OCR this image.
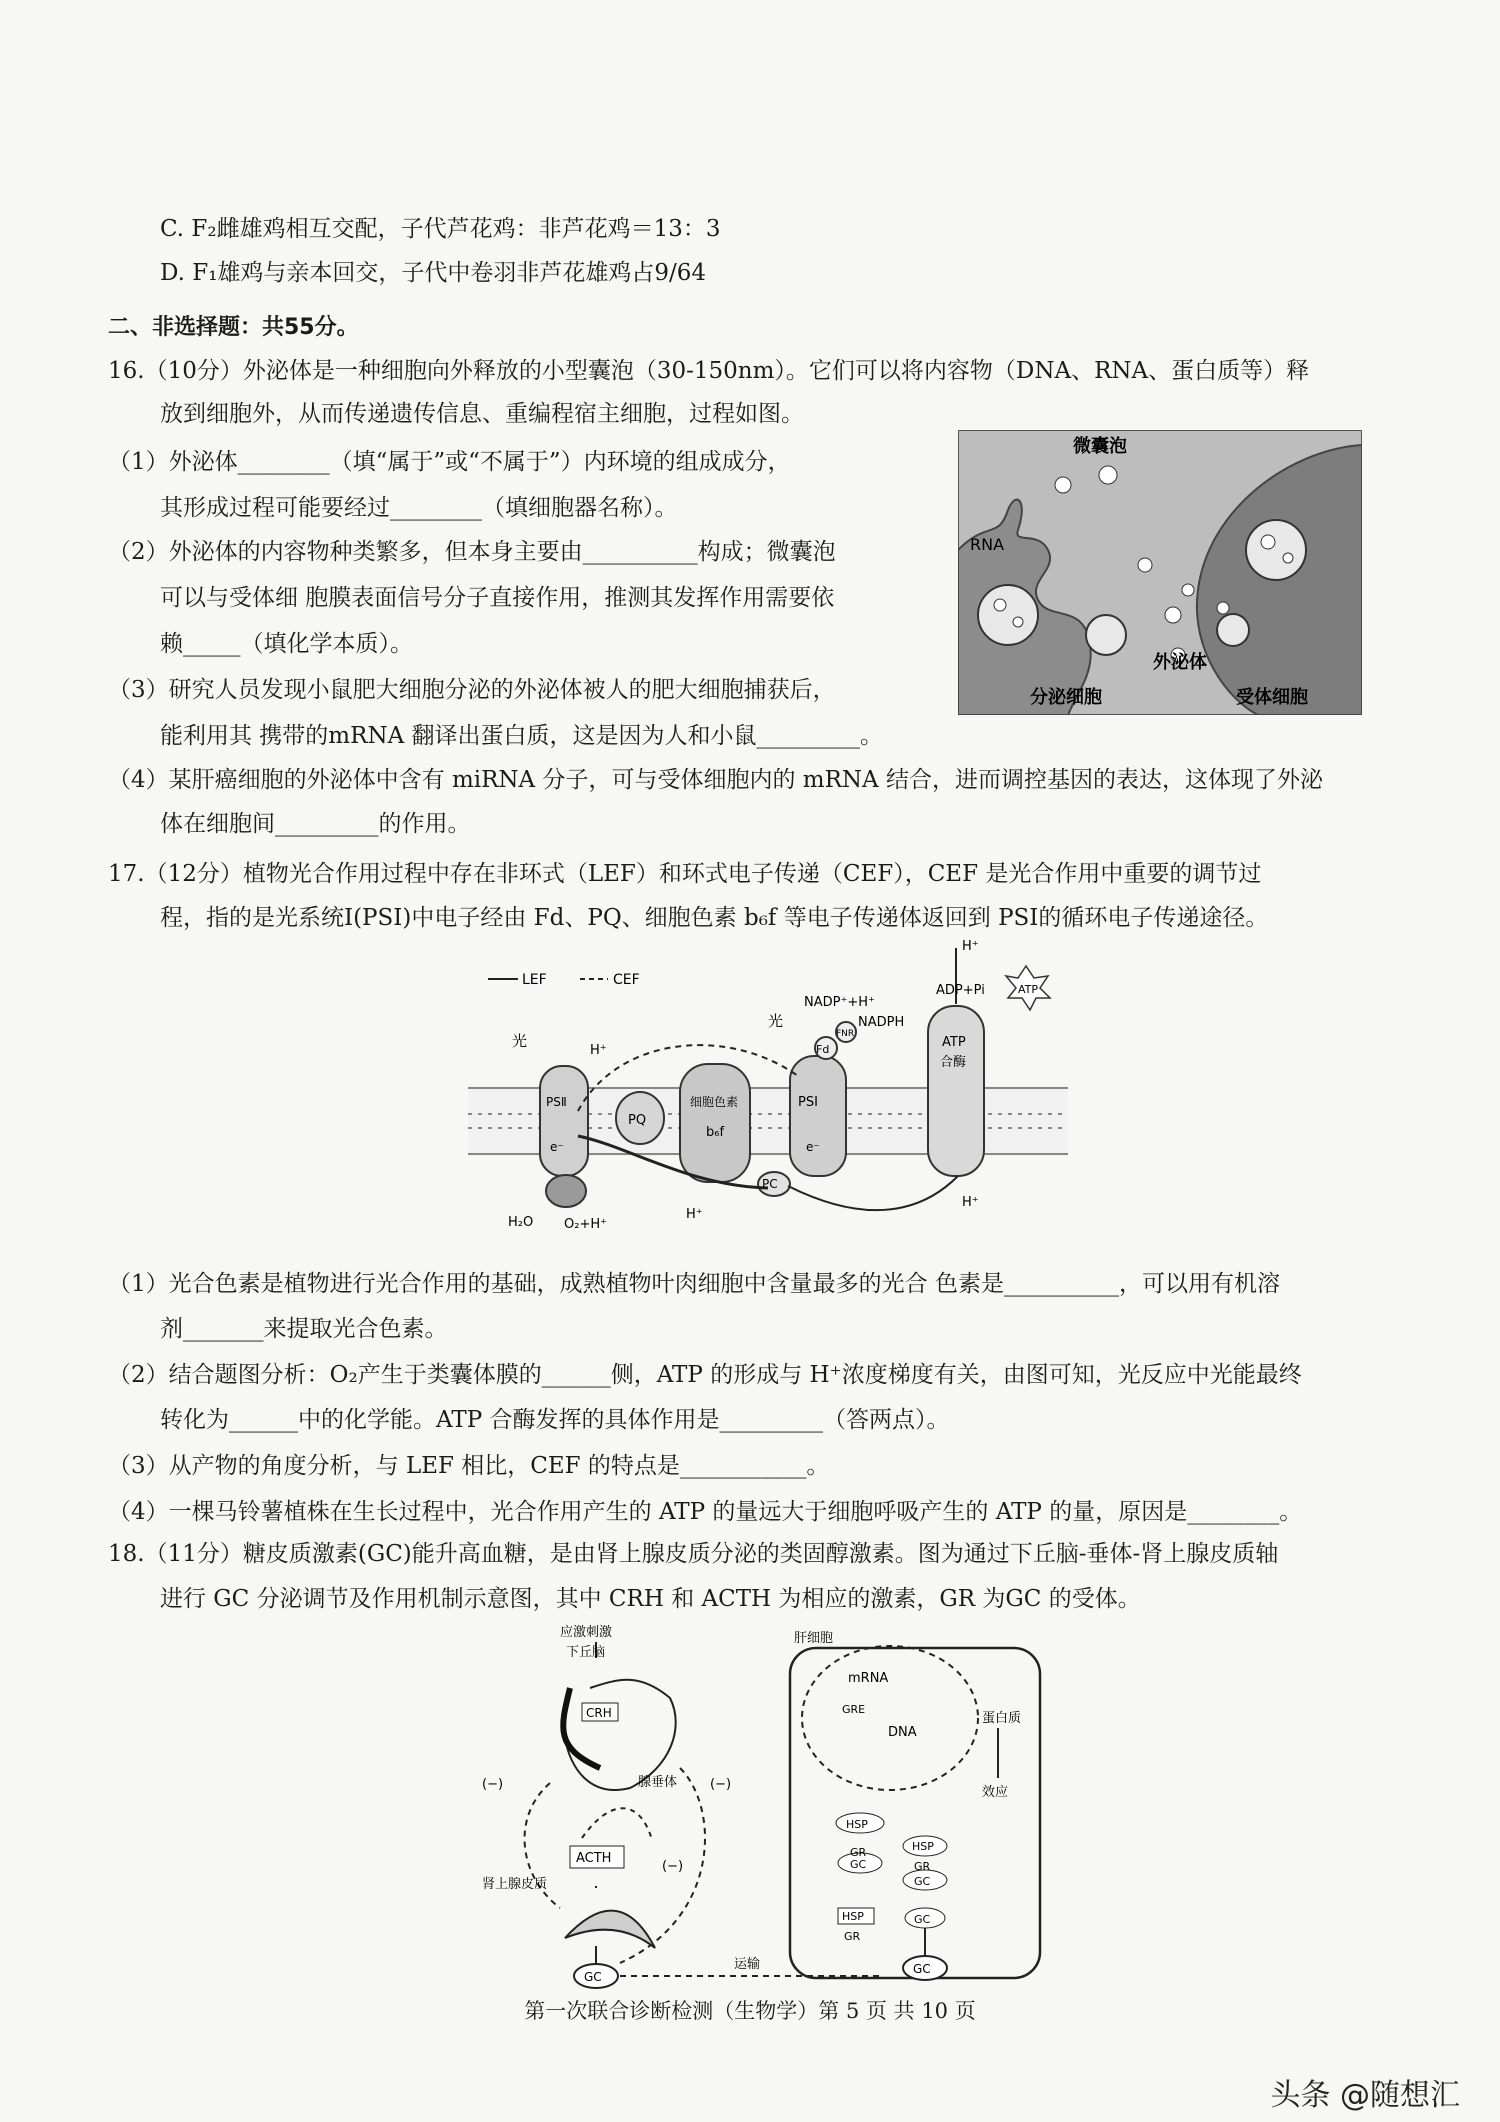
C. F₂雌雄鸡相互交配，子代芦花鸡：非芦花鸡＝13：3
D. F₁雄鸡与亲本回交，子代中卷羽非芦花雄鸡占9/64
二、非选择题：共55分。
16.（10分）外泌体是一种细胞向外释放的小型囊泡（30-150nm）。它们可以将内容物（DNA、RNA、蛋白质等）释
放到细胞外，从而传递遗传信息、重编程宿主细胞，过程如图。
（1）外泌体________（填“属于”或“不属于”）内环境的组成成分，
其形成过程可能要经过________（填细胞器名称）。
（2）外泌体的内容物种类繁多，但本身主要由__________构成；微囊泡
可以与受体细 胞膜表面信号分子直接作用，推测其发挥作用需要依
赖_____（填化学本质）。
（3）研究人员发现小鼠肥大细胞分泌的外泌体被人的肥大细胞捕获后，
能利用其 携带的mRNA 翻译出蛋白质，这是因为人和小鼠_________。
（4）某肝癌细胞的外泌体中含有 miRNA 分子，可与受体细胞内的 mRNA 结合，进而调控基因的表达，这体现了外泌
体在细胞间_________的作用。
微囊泡
RNA
外泌体
分泌细胞	受体细胞
17.（12分）植物光合作用过程中存在非环式（LEF）和环式电子传递（CEF），CEF 是光合作用中重要的调节过
程，指的是光系统Ⅰ(PSⅠ)中电子经由 Fd、PQ、细胞色素 b₆f 等电子传递体返回到 PSⅠ的循环电子传递途径。
LEF	CEF
光
光
H⁺
NADP⁺+H⁺
NADPH
ADP+Pi	ATP
H⁺
PSⅡ
PQ
细胞色素
b₆f
PSⅠ
Fd
FNR
ATP
合酶
PC
e⁻	e⁻
H₂O O₂+H⁺
H⁺
H⁺
（1）光合色素是植物进行光合作用的基础，成熟植物叶肉细胞中含量最多的光合 色素是__________，可以用有机溶
剂_______来提取光合色素。
（2）结合题图分析：O₂产生于类囊体膜的______侧，ATP 的形成与 H⁺浓度梯度有关，由图可知，光反应中光能最终
转化为______中的化学能。ATP 合酶发挥的具体作用是_________（答两点）。
（3）从产物的角度分析，与 LEF 相比，CEF 的特点是___________。
（4）一棵马铃薯植株在生长过程中，光合作用产生的 ATP 的量远大于细胞呼吸产生的 ATP 的量，原因是________。
18.（11分）糖皮质激素(GC)能升高血糖，是由肾上腺皮质分泌的类固醇激素。图为通过下丘脑-垂体-肾上腺皮质轴
进行 GC 分泌调节及作用机制示意图，其中 CRH 和 ACTH 为相应的激素，GR 为GC 的受体。
应激刺激
下丘脑
CRH
腺垂体
(−)	(−)
(−)
ACTH
肾上腺皮质
GC
运输
肝细胞
mRNA
GRE
DNA
蛋白质
效应
HSP
GR
GC
HSP
GR
GC
HSP
GR
GC
GC
第一次联合诊断检测（生物学）第 5 页 共 10 页
头条 @随想汇
